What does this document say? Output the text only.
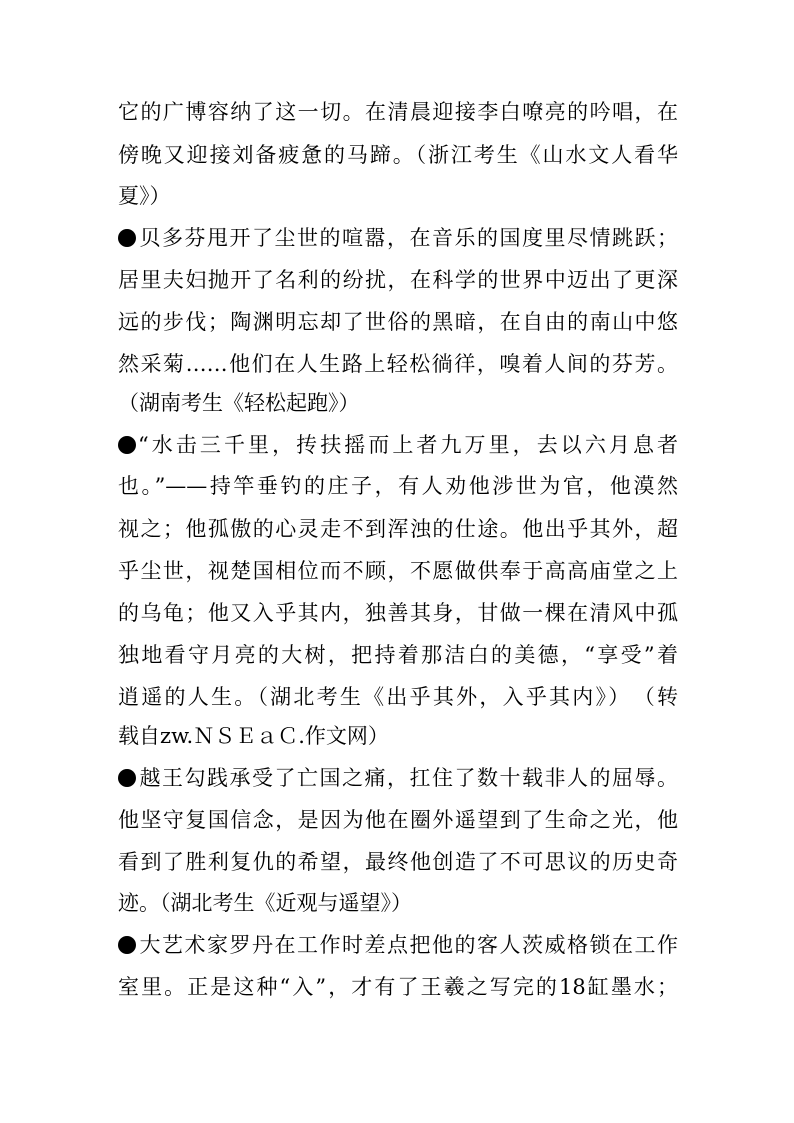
它的广博容纳了这一切。在清晨迎接李白嘹亮的吟唱，在
傍晚又迎接刘备疲惫的马蹄。（浙江考生《山水文人看华
夏》）
贝多芬甩开了尘世的喧嚣，在音乐的国度里尽情跳跃；
居里夫妇抛开了名利的纷扰，在科学的世界中迈出了更深
远的步伐；陶渊明忘却了世俗的黑暗，在自由的南山中悠
然采菊……他们在人生路上轻松徜徉，嗅着人间的芬芳。
（湖南考生《轻松起跑》）
“水击三千里，抟扶摇而上者九万里，去以六月息者
也。”——持竿垂钓的庄子，有人劝他涉世为官，他漠然
视之；他孤傲的心灵走不到浑浊的仕途。他出乎其外，超
乎尘世，视楚国相位而不顾，不愿做供奉于高高庙堂之上
的乌龟；他又入乎其内，独善其身，甘做一棵在清风中孤
独地看守月亮的大树，把持着那洁白的美德，“享受”着
逍遥的人生。（湖北考生《出乎其外，入乎其内》）　（转
载自zw.ＮＳＥａＣ.作文网）
越王勾践承受了亡国之痛，扛住了数十载非人的屈辱。
他坚守复国信念，是因为他在圈外遥望到了生命之光，他
看到了胜利复仇的希望，最终他创造了不可思议的历史奇
迹。（湖北考生《近观与遥望》）
大艺术家罗丹在工作时差点把他的客人茨威格锁在工作
室里。正是这种“入”，才有了王羲之写完的18缸墨水；
